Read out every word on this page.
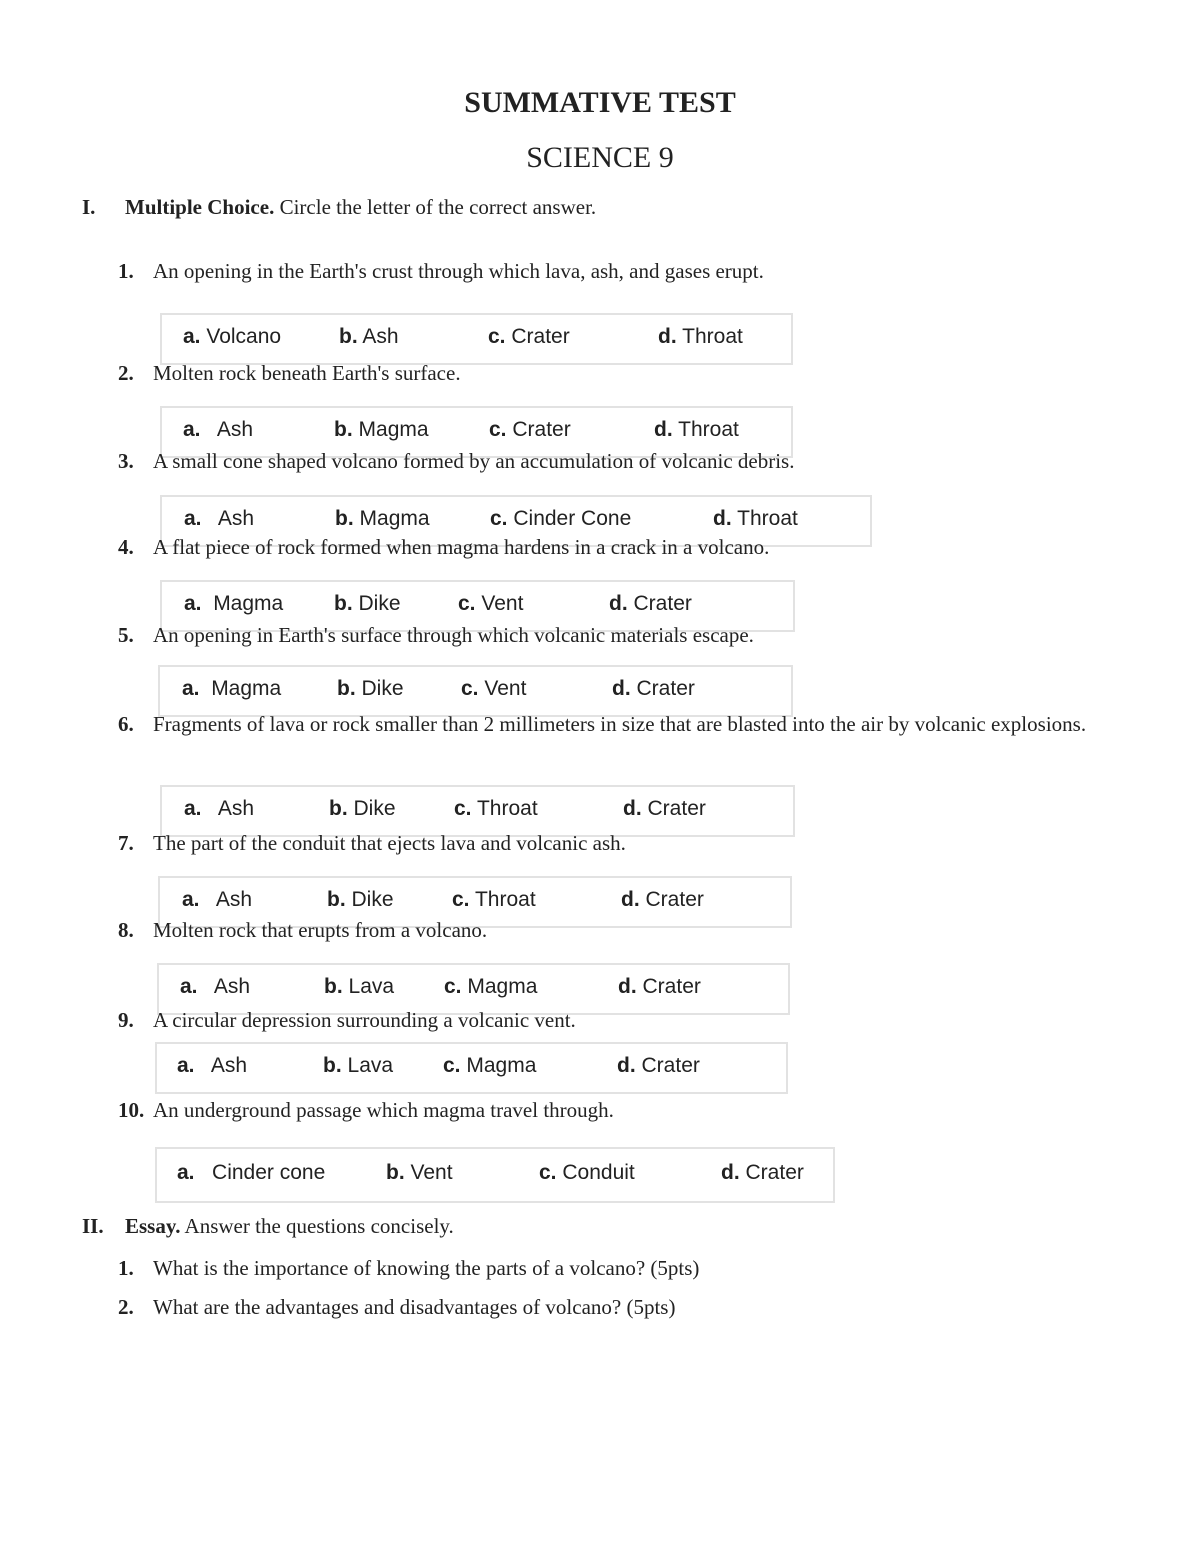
SUMMATIVE TEST
SCIENCE 9
I. Multiple Choice. Circle the letter of the correct answer.
1. An opening in the Earth's crust through which lava, ash, and gases erupt.
a. Volcano	b. Ash	c. Crater	d. Throat
2. Molten rock beneath Earth's surface.
a. Ash	b. Magma	c. Crater	d. Throat
3. A small cone shaped volcano formed by an accumulation of volcanic debris.
a. Ash	b. Magma	c. Cinder Cone	d. Throat
4. A flat piece of rock formed when magma hardens in a crack in a volcano.
a. Magma b. Dike	c. Vent	d. Crater
5. An opening in Earth's surface through which volcanic materials escape.
a. Magma	b. Dike	c. Vent	d. Crater
6. Fragments of lava or rock smaller than 2 millimeters in size that are blasted into the air by volcanic explosions.
a. Ash	b. Dike	c. Throat	d. Crater
7. The part of the conduit that ejects lava and volcanic ash.
a. Ash	b. Dike	c. Throat	d. Crater
8. Molten rock that erupts from a volcano.
a. Ash	b. Lava c. Magma	d. Crater
9. A circular depression surrounding a volcanic vent.
a. Ash	b. Lava c. Magma	d. Crater
10. An underground passage which magma travel through.
a. Cinder cone	b. Vent	c. Conduit	d. Crater
II. Essay. Answer the questions concisely.
1. What is the importance of knowing the parts of a volcano? (5pts)
2. What are the advantages and disadvantages of volcano? (5pts)
